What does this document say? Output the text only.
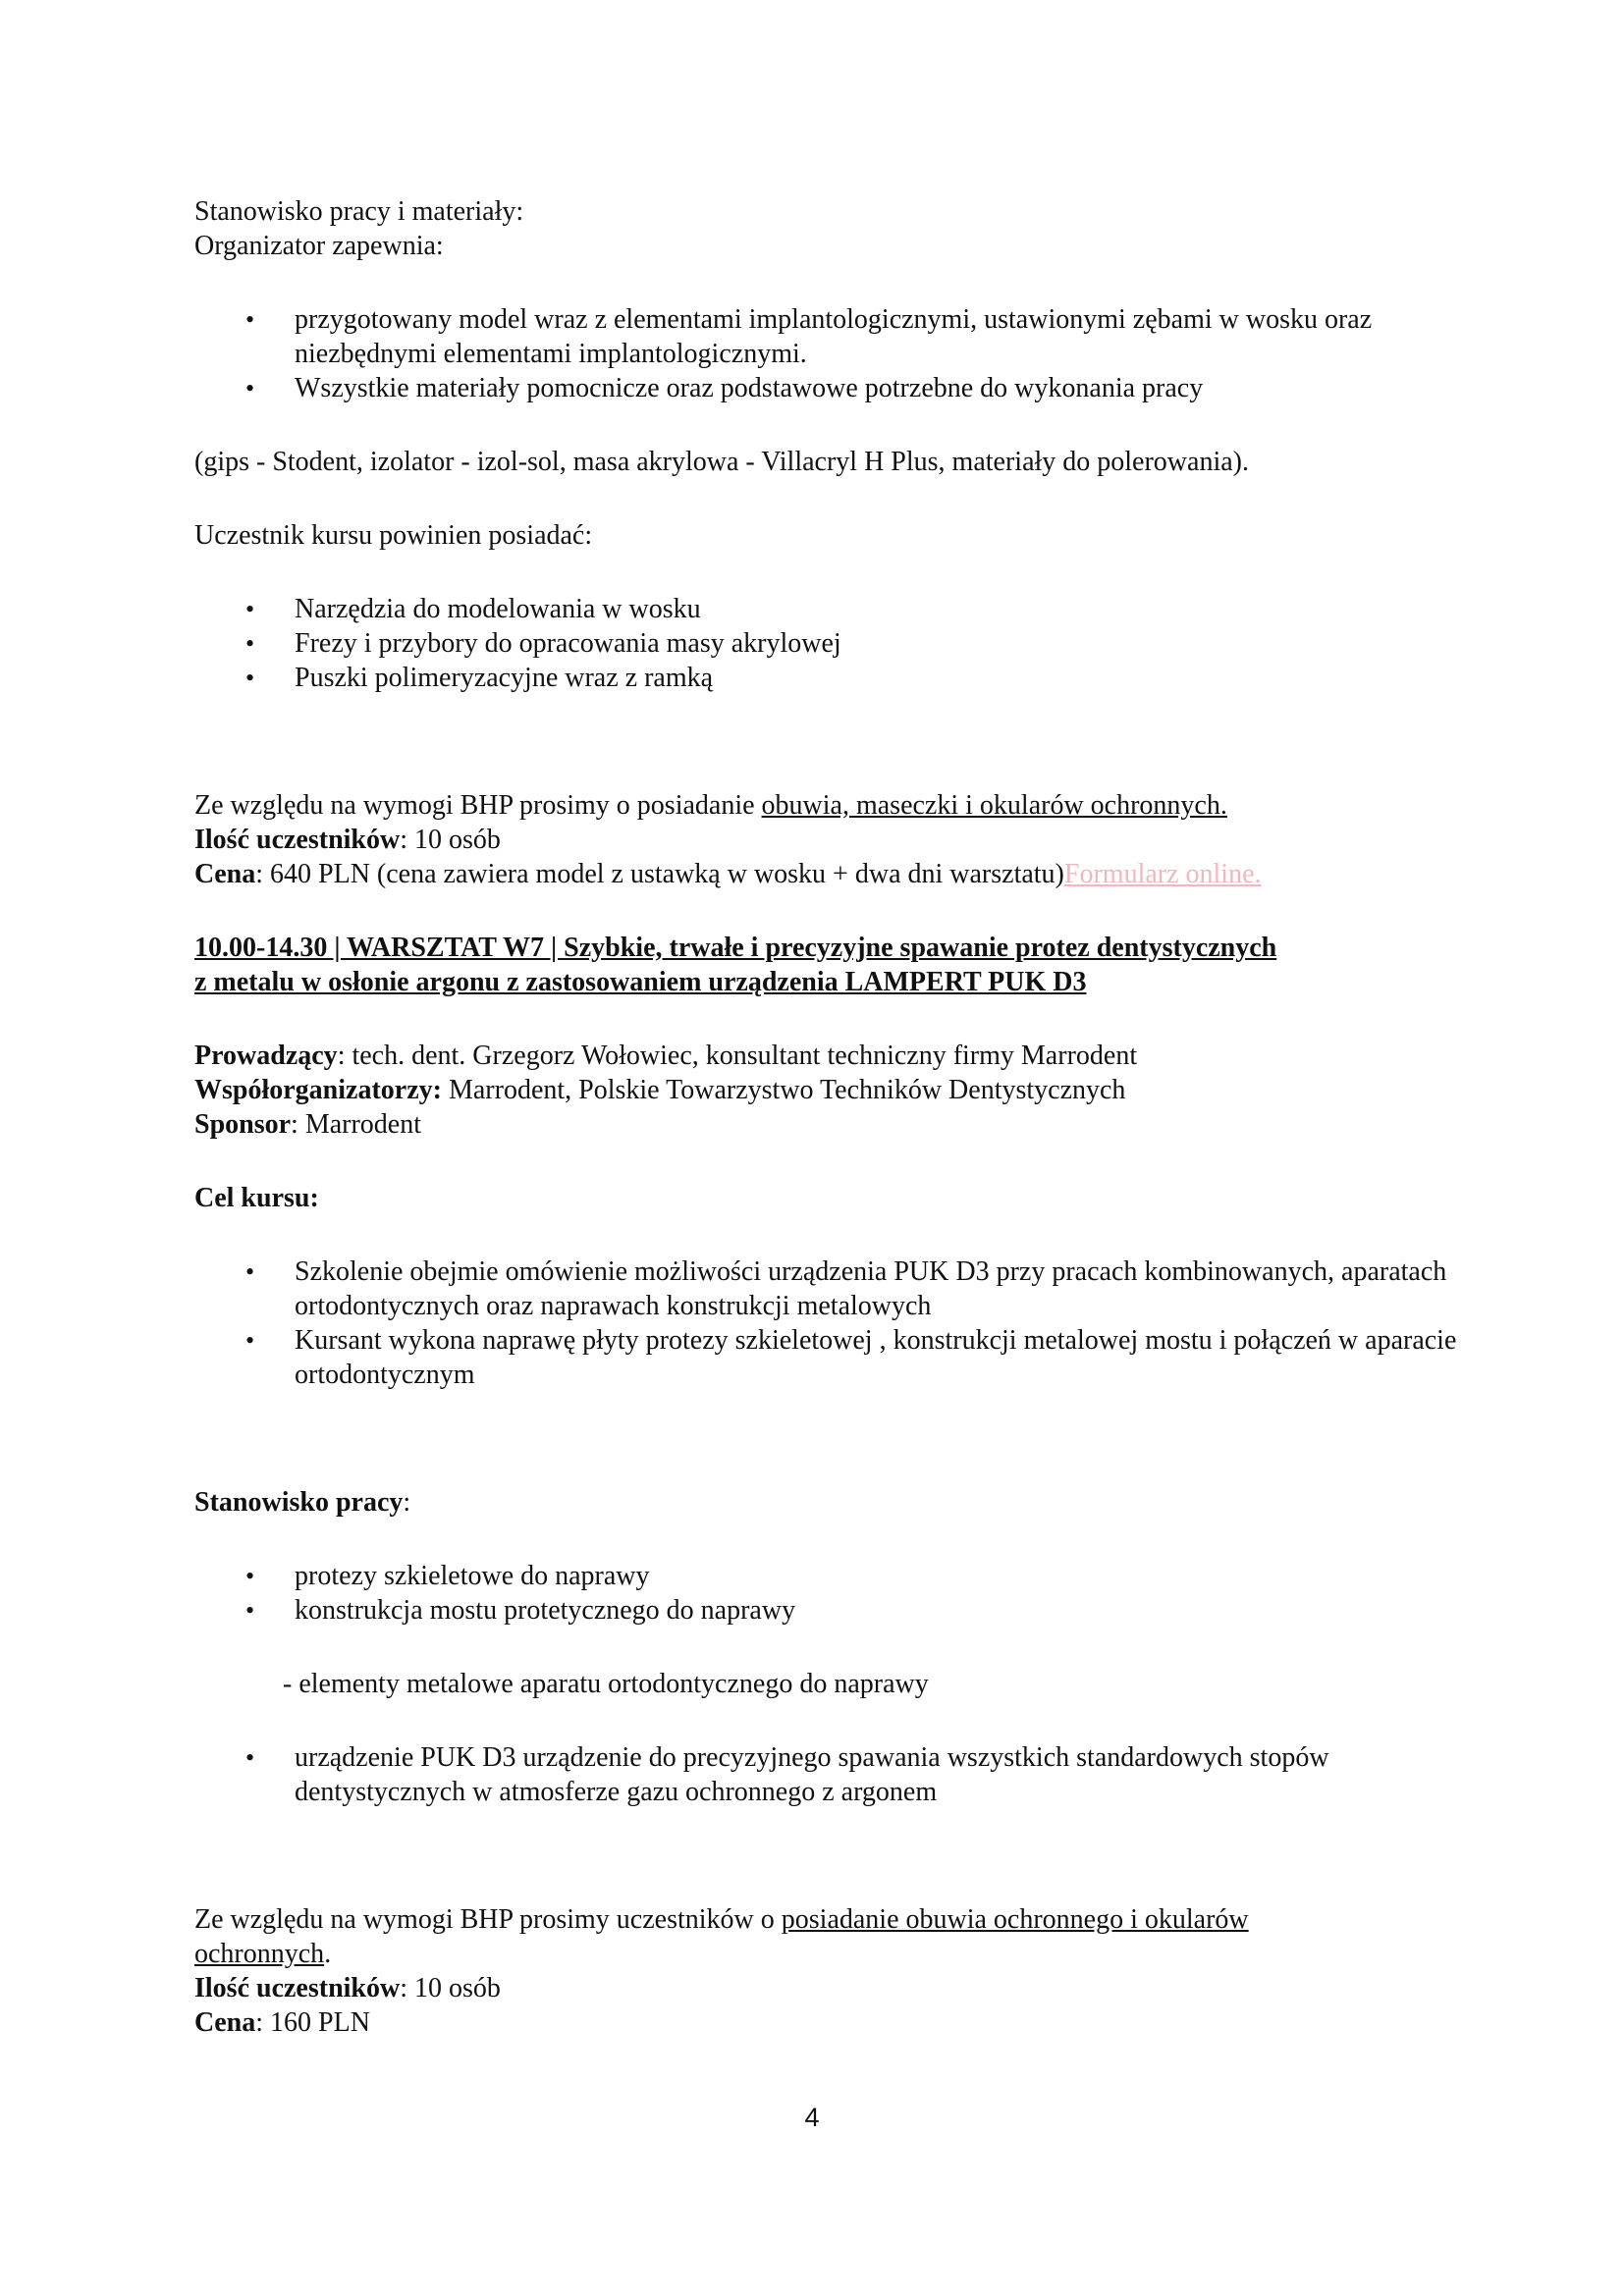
Stanowisko pracy i materiały:

Organizator zapewnia:

• przygotowany model wraz z elementami implantologicznymi, ustawionymi zębami w wosku oraz niezbędnymi elementami implantologicznymi.
• Wszystkie materiały pomocnicze oraz podstawowe potrzebne do wykonania pracy

(gips - Stodent, izolator - izol-sol, masa akrylowa - Villacryl H Plus, materiały do polerowania).

Uczestnik kursu powinien posiadać:

• Narzędzia do modelowania w wosku
• Frezy i przybory do opracowania masy akrylowej
• Puszki polimeryzacyjne wraz z ramką

Ze względu na wymogi BHP prosimy o posiadanie obuwia, maseczki i okularów ochronnych.

Ilość uczestników: 10 osób

Cena: 640 PLN (cena zawiera model z ustawką w wosku + dwa dni warsztatu)Formularz online.

10.00-14.30 | WARSZTAT W7 | Szybkie, trwałe i precyzyjne spawanie protez dentystycznych
z metalu w osłonie argonu z zastosowaniem urządzenia LAMPERT PUK D3

Prowadzący: tech. dent. Grzegorz Wołowiec, konsultant techniczny firmy Marrodent

Współorganizatorzy: Marrodent, Polskie Towarzystwo Techników Dentystycznych

Sponsor: Marrodent

Cel kursu:

• Szkolenie obejmie omówienie możliwości urządzenia PUK D3 przy pracach kombinowanych, aparatach ortodontycznych oraz naprawach konstrukcji metalowych
• Kursant wykona naprawę płyty protezy szkieletowej , konstrukcji metalowej mostu i połączeń w aparacie ortodontycznym

Stanowisko pracy:

• protezy szkieletowe do naprawy
• konstrukcja mostu protetycznego do naprawy

- elementy metalowe aparatu ortodontycznego do naprawy

• urządzenie PUK D3 urządzenie do precyzyjnego spawania wszystkich standardowych stopów dentystycznych w atmosferze gazu ochronnego z argonem

Ze względu na wymogi BHP prosimy uczestników o posiadanie obuwia ochronnego i okularów
ochronnych.

Ilość uczestników: 10 osób

Cena: 160 PLN

4
